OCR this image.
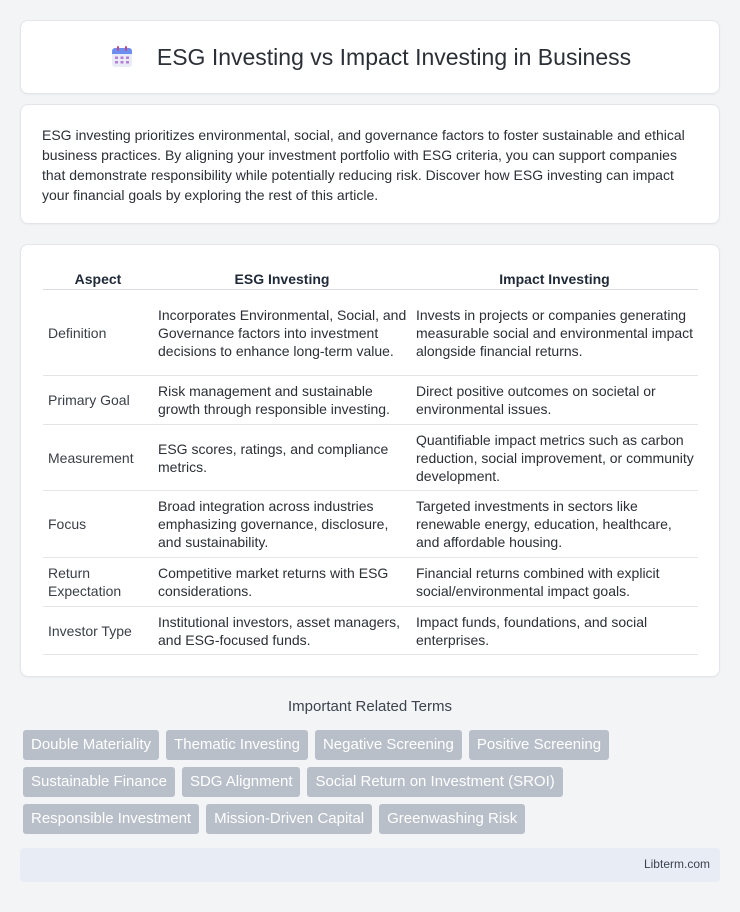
ESG Investing vs Impact Investing in Business

ESG investing prioritizes environmental, social, and governance factors to foster sustainable and ethical business practices. By aligning your investment portfolio with ESG criteria, you can support companies that demonstrate responsibility while potentially reducing risk. Discover how ESG investing can impact your financial goals by exploring the rest of this article.

Aspect	ESG Investing	Impact Investing
Definition	Incorporates Environmental, Social, and Governance factors into investment decisions to enhance long-term value.	Invests in projects or companies generating measurable social and environmental impact alongside financial returns.
Primary Goal	Risk management and sustainable growth through responsible investing.	Direct positive outcomes on societal or environmental issues.
Measurement	ESG scores, ratings, and compliance metrics.	Quantifiable impact metrics such as carbon reduction, social improvement, or community development.
Focus	Broad integration across industries emphasizing governance, disclosure, and sustainability.	Targeted investments in sectors like renewable energy, education, healthcare, and affordable housing.
Return Expectation	Competitive market returns with ESG considerations.	Financial returns combined with explicit social/environmental impact goals.
Investor Type	Institutional investors, asset managers, and ESG-focused funds.	Impact funds, foundations, and social enterprises.
Important Related Terms
Double Materiality	Thematic Investing	Negative Screening	Positive Screening
Sustainable Finance	SDG Alignment	Social Return on Investment (SROI)
Responsible Investment	Mission-Driven Capital	Greenwashing Risk
Libterm.com
